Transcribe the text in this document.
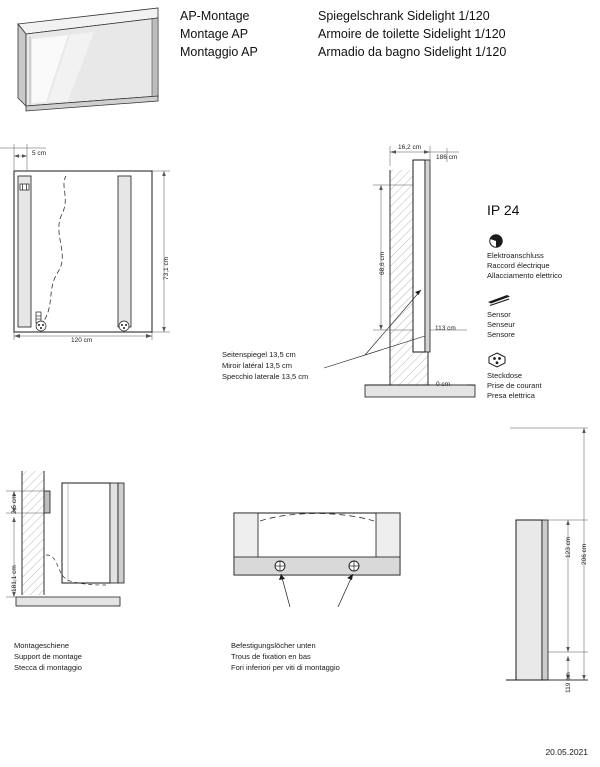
AP-Montage
Montage AP
Montaggio AP
Spiegelschrank Sidelight 1/120
Armoire de toilette Sidelight 1/120
Armadio da bagno Sidelight 1/120
5 cm
73,1 cm
120 cm
16,2 cm
186 cm
68,6 cm
113 cm
0 cm
Seitenspiegel 13,5 cm
Miroir latéral 13,5 cm
Specchio laterale 13,5 cm
IP 24
Elektroanschluss
Raccord électrique
Allacciamento elettrico
Sensor
Senseur
Sensore
Steckdose
Prise de courant
Presa elettrica
2,5 cm
181,1 cm
Montageschiene
Support de montage
Stecca di montaggio
Befestigungslöcher unten
Trous de fixation en bas
Fori inferiori per viti di montaggio
206 cm
123 cm
119 cm
20.05.2021
